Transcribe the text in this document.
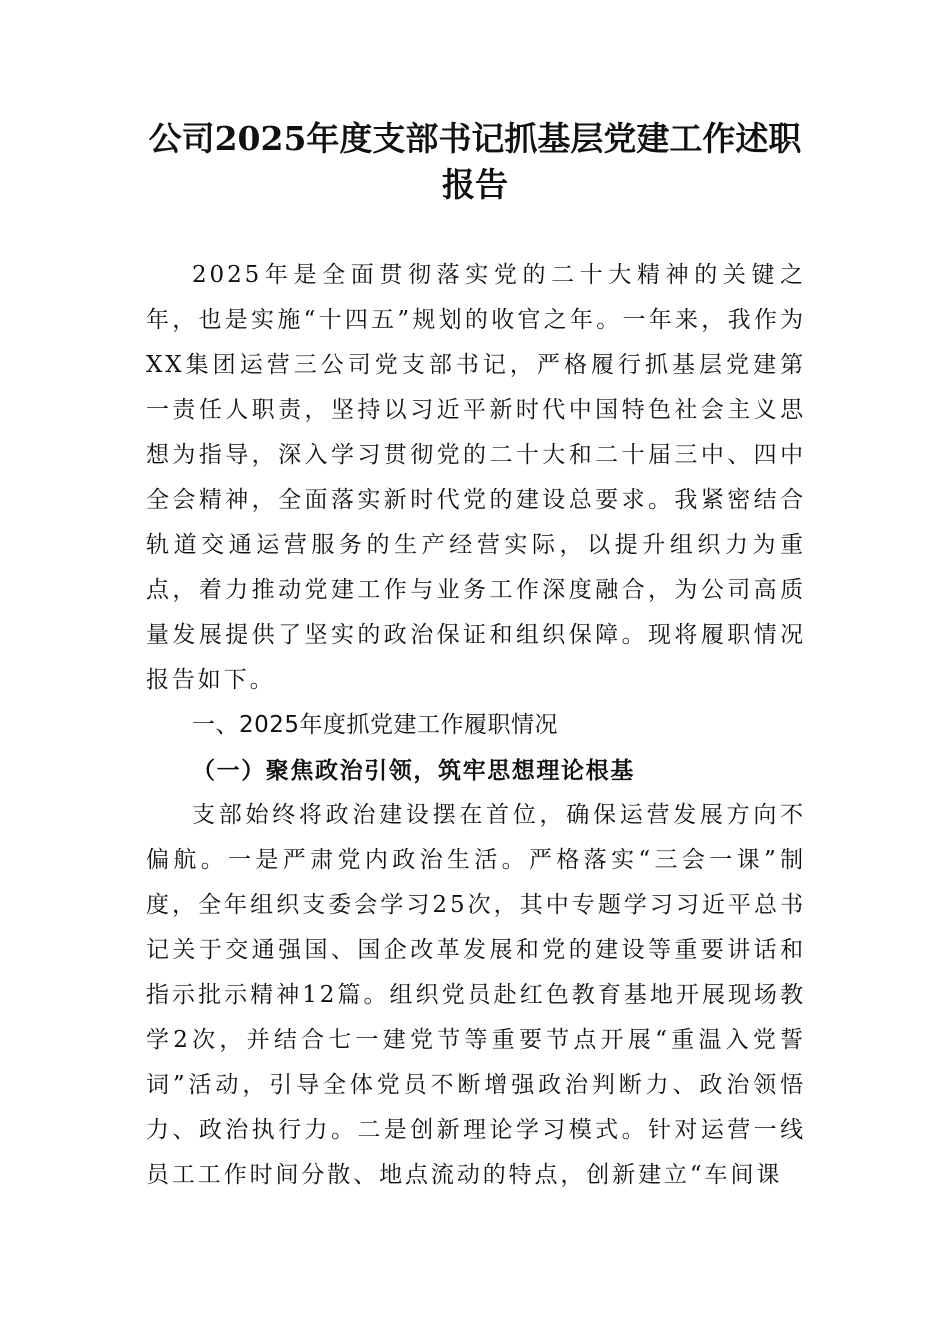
公司2025年度支部书记抓基层党建工作述职报告

2025年是全面贯彻落实党的二十大精神的关键之年，也是实施“十四五”规划的收官之年。一年来，我作为XX集团运营三公司党支部书记，严格履行抓基层党建第一责任人职责，坚持以习近平新时代中国特色社会主义思想为指导，深入学习贯彻党的二十大和二十届三中、四中全会精神，全面落实新时代党的建设总要求。我紧密结合轨道交通运营服务的生产经营实际，以提升组织力为重点，着力推动党建工作与业务工作深度融合，为公司高质量发展提供了坚实的政治保证和组织保障。现将履职情况报告如下。

一、2025年度抓党建工作履职情况
（一）聚焦政治引领，筑牢思想理论根基

支部始终将政治建设摆在首位，确保运营发展方向不偏航。一是严肃党内政治生活。严格落实“三会一课”制度，全年组织支委会学习25次，其中专题学习习近平总书记关于交通强国、国企改革发展和党的建设等重要讲话和指示批示精神12篇。组织党员赴红色教育基地开展现场教学2次，并结合七一建党节等重要节点开展“重温入党誓词”活动，引导全体党员不断增强政治判断力、政治领悟力、政治执行力。二是创新理论学习模式。针对运营一线员工工作时间分散、地点流动的特点，创新建立“车间课
